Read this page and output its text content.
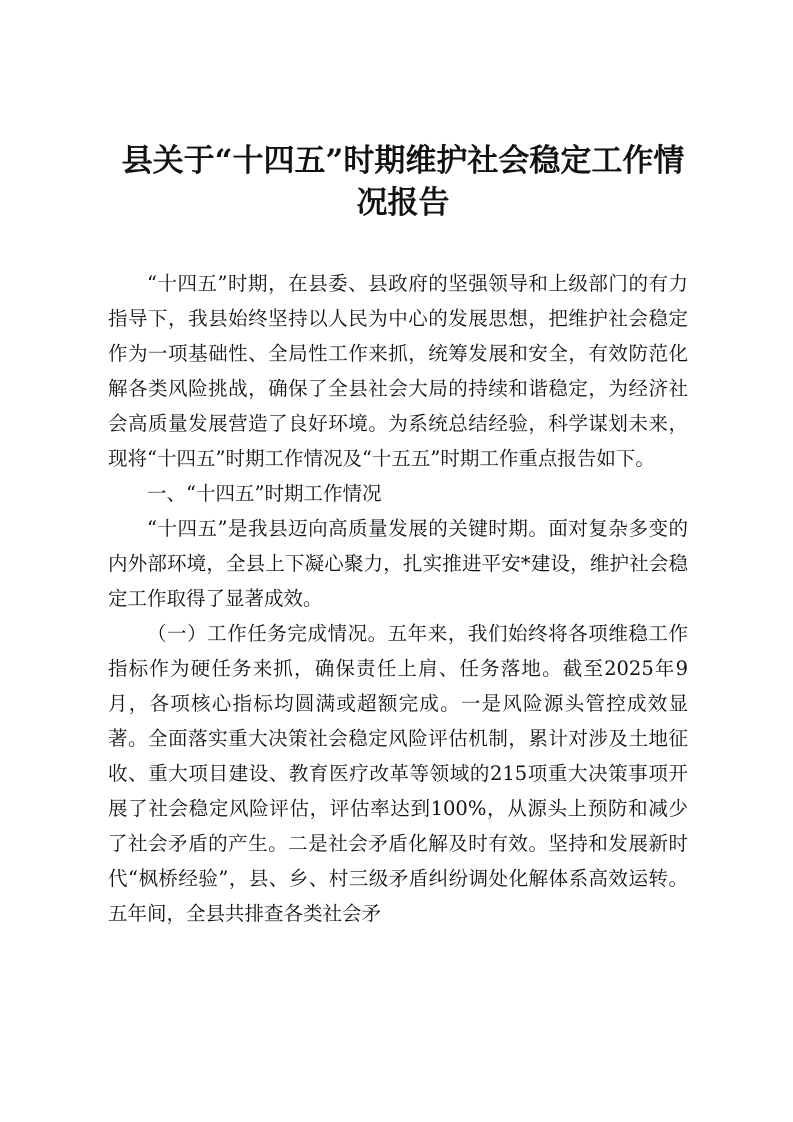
县关于“十四五”时期维护社会稳定工作情况报告

“十四五”时期，在县委、县政府的坚强领导和上级部门的有力指导下，我县始终坚持以人民为中心的发展思想，把维护社会稳定作为一项基础性、全局性工作来抓，统筹发展和安全，有效防范化解各类风险挑战，确保了全县社会大局的持续和谐稳定，为经济社会高质量发展营造了良好环境。为系统总结经验，科学谋划未来，现将“十四五”时期工作情况及“十五五”时期工作重点报告如下。

一、“十四五”时期工作情况

“十四五”是我县迈向高质量发展的关键时期。面对复杂多变的内外部环境，全县上下凝心聚力，扎实推进平安*建设，维护社会稳定工作取得了显著成效。

（一）工作任务完成情况。五年来，我们始终将各项维稳工作指标作为硬任务来抓，确保责任上肩、任务落地。截至2025年9月，各项核心指标均圆满或超额完成。一是风险源头管控成效显著。全面落实重大决策社会稳定风险评估机制，累计对涉及土地征收、重大项目建设、教育医疗改革等领域的215项重大决策事项开展了社会稳定风险评估，评估率达到100%，从源头上预防和减少了社会矛盾的产生。二是社会矛盾化解及时有效。坚持和发展新时代“枫桥经验”，县、乡、村三级矛盾纠纷调处化解体系高效运转。五年间，全县共排查各类社会矛
